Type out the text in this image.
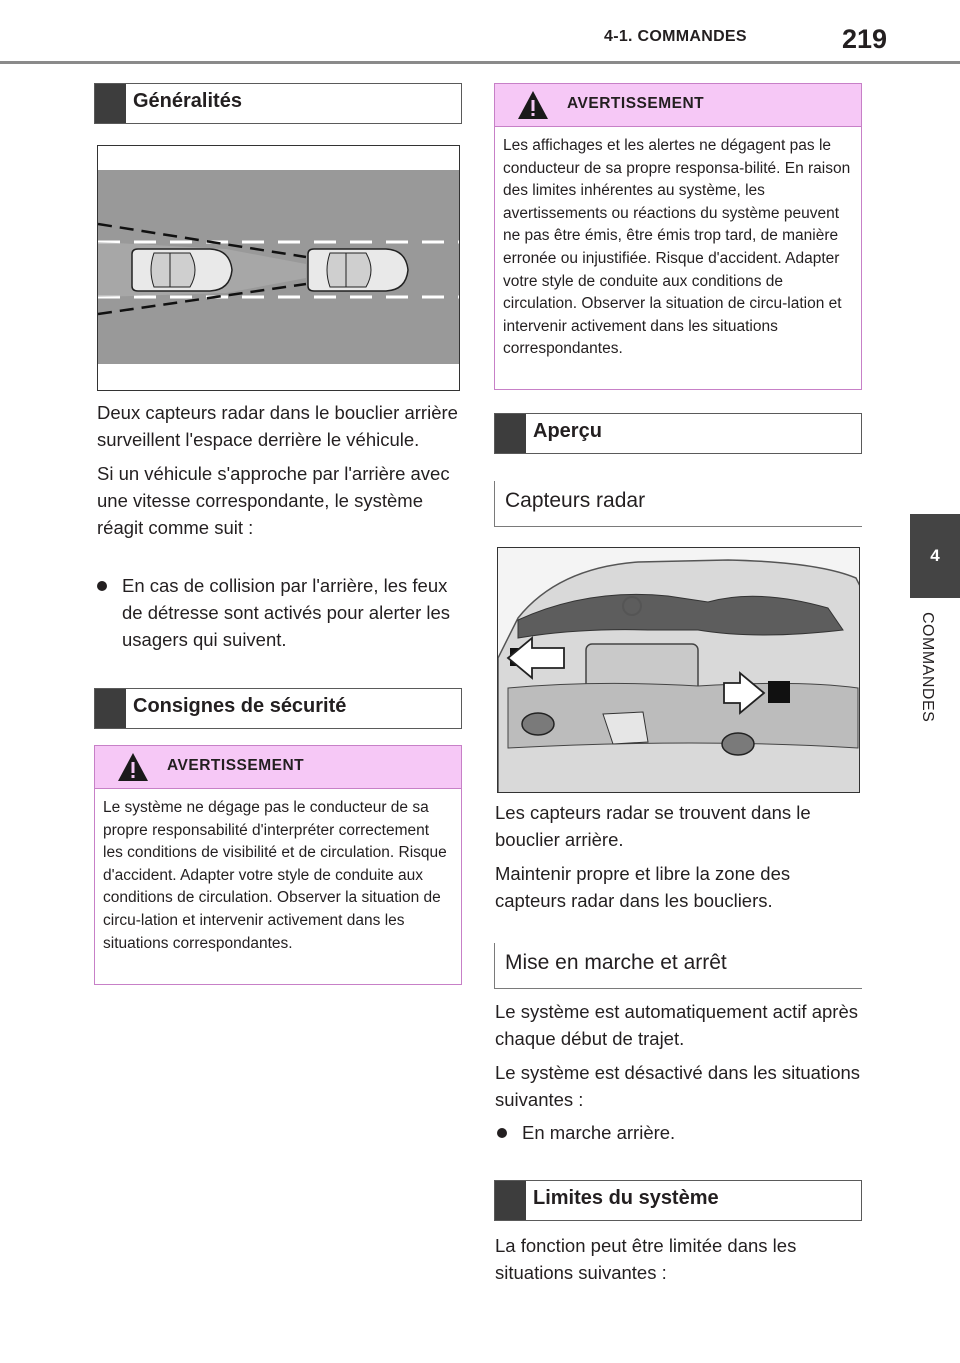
4-1. COMMANDES	219
4
COMMANDES
Généralités

Deux capteurs radar dans le bouclier arrière surveillent l'espace derrière le véhicule.

Si un véhicule s'approche par l'arrière avec une vitesse correspondante, le système réagit comme suit :

En cas de collision par l'arrière, les feux de détresse sont activés pour alerter les usagers qui suivent.
Consignes de sécurité
AVERTISSEMENT
Le système ne dégage pas le conducteur de sa propre responsabilité d'interpréter correctement les conditions de visibilité et de circulation. Risque d'accident. Adapter votre style de conduite aux conditions de circulation. Observer la situation de circu-lation et intervenir activement dans les situations correspondantes.
AVERTISSEMENT
Les affichages et les alertes ne dégagent pas le conducteur de sa propre responsa-bilité. En raison des limites inhérentes au système, les avertissements ou réactions du système peuvent ne pas être émis, être émis trop tard, de manière erronée ou injustifiée. Risque d'accident. Adapter votre style de conduite aux conditions de circulation. Observer la situation de circu-lation et intervenir activement dans les situations correspondantes.
Aperçu
Capteurs radar

Les capteurs radar se trouvent dans le bouclier arrière.

Maintenir propre et libre la zone des capteurs radar dans les boucliers.

Mise en marche et arrêt

Le système est automatiquement actif après chaque début de trajet.

Le système est désactivé dans les situations suivantes :

En marche arrière.
Limites du système

La fonction peut être limitée dans les situations suivantes :
